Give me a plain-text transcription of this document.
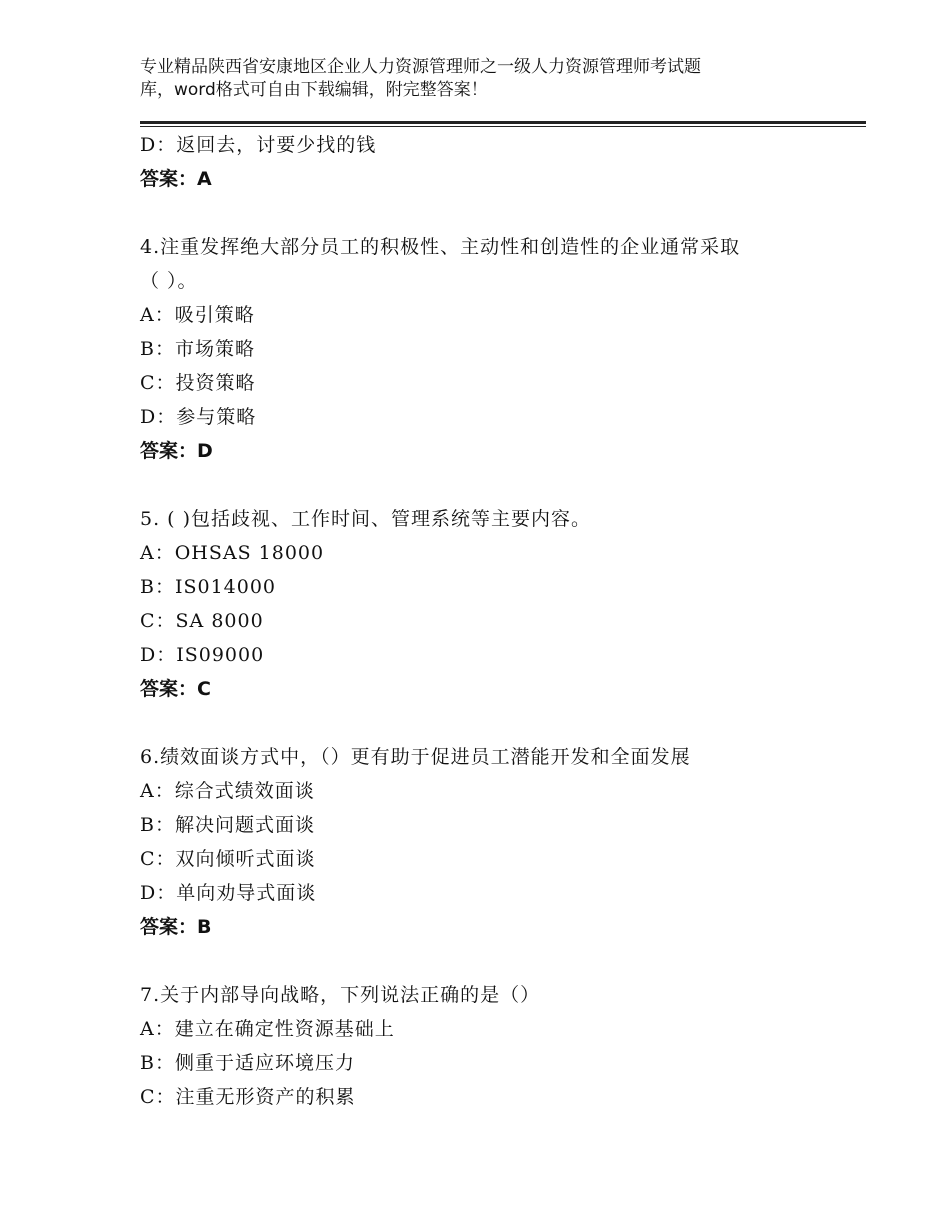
专业精品陕西省安康地区企业人力资源管理师之一级人力资源管理师考试题
库，word格式可自由下载编辑，附完整答案！
D：返回去，讨要少找的钱
答案：A
4.注重发挥绝大部分员工的积极性、主动性和创造性的企业通常采取
（ ）。
A：吸引策略
B：市场策略
C：投资策略
D：参与策略
答案：D
5. ( )包括歧视、工作时间、管理系统等主要内容。
A：OHSAS 18000
B：IS014000
C：SA 8000
D：IS09000
答案：C
6.绩效面谈方式中，（）更有助于促进员工潜能开发和全面发展
A：综合式绩效面谈
B：解决问题式面谈
C：双向倾听式面谈
D：单向劝导式面谈
答案：B
7.关于内部导向战略，下列说法正确的是（）
A：建立在确定性资源基础上
B：侧重于适应环境压力
C：注重无形资产的积累
